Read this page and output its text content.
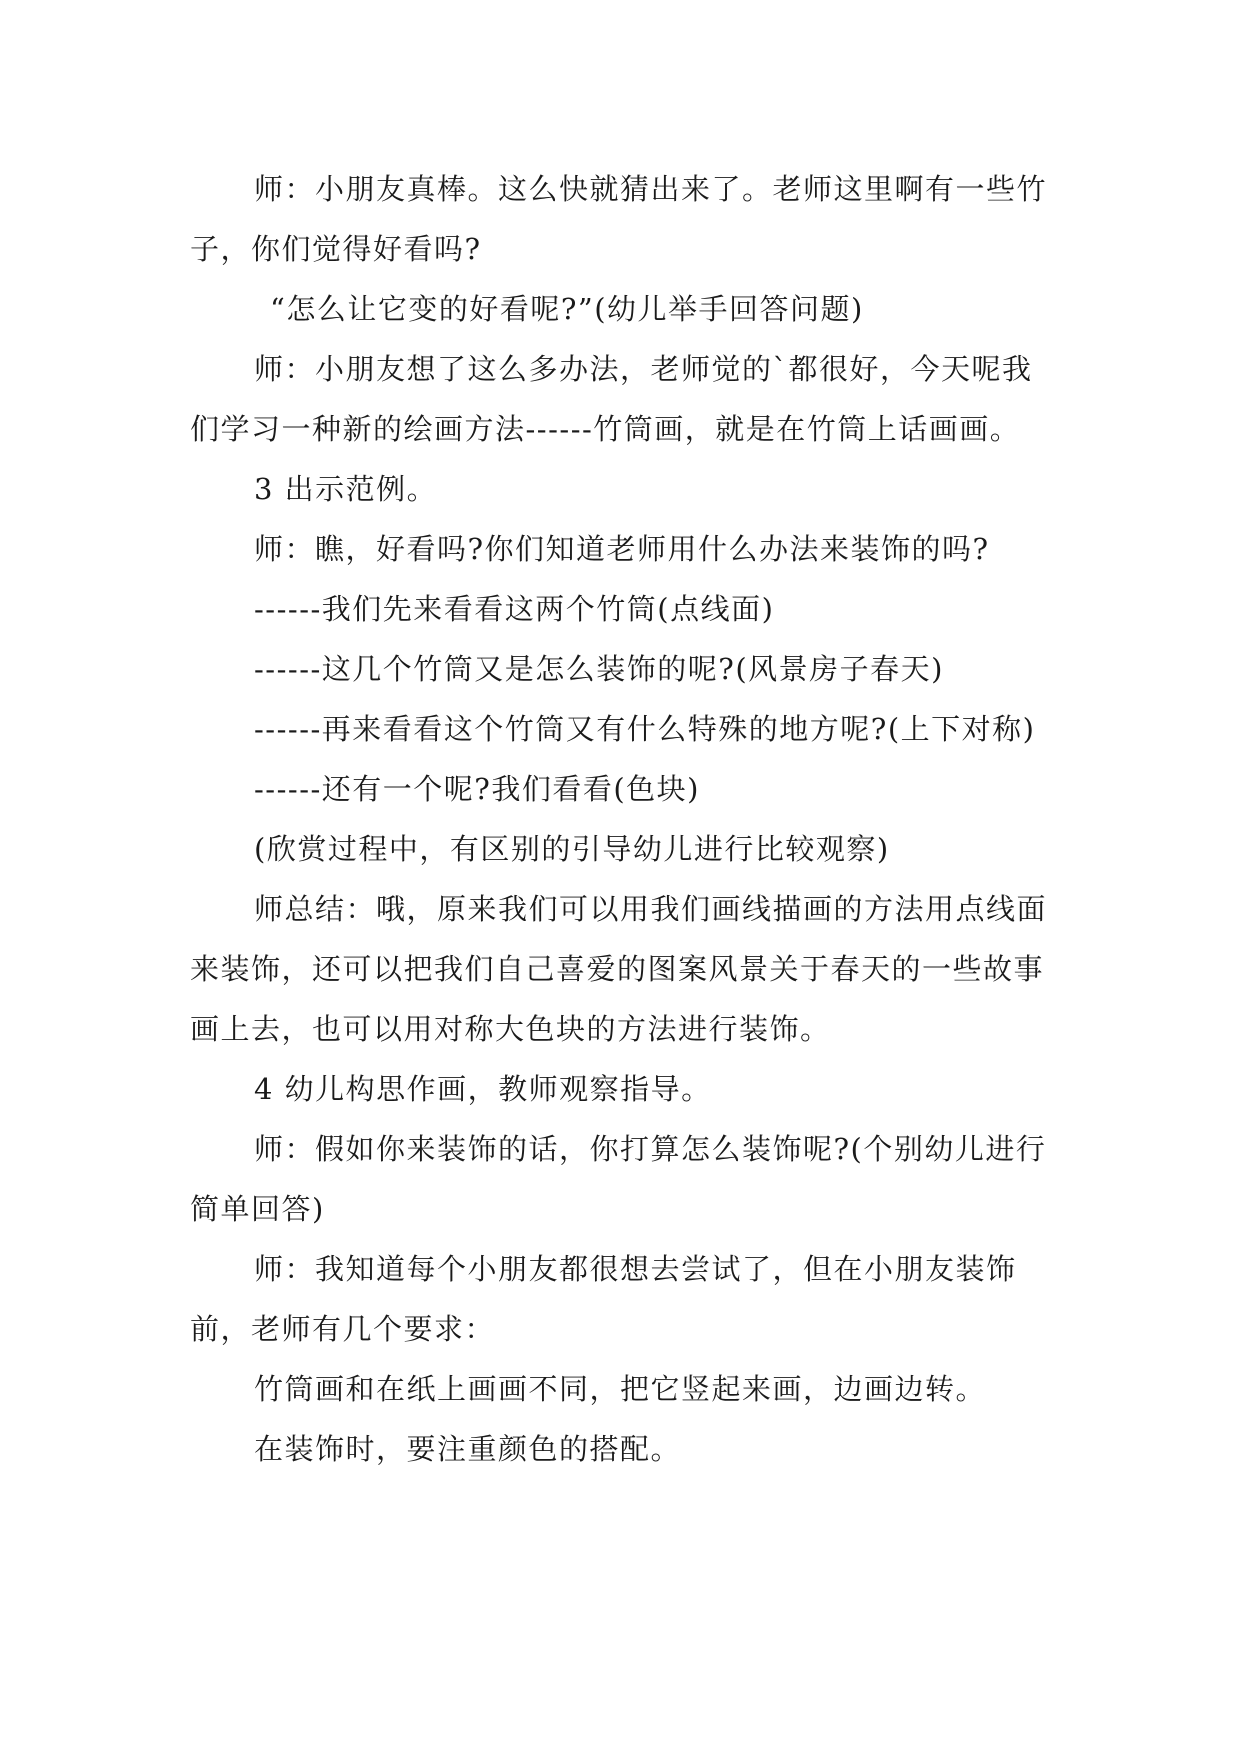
师：小朋友真棒。这么快就猜出来了。老师这里啊有一些竹子，你们觉得好看吗?

“怎么让它变的好看呢?”(幼儿举手回答问题)

师：小朋友想了这么多办法，老师觉的`都很好，今天呢我们学习一种新的绘画方法------竹筒画，就是在竹筒上话画画。

3 出示范例。

师：瞧，好看吗?你们知道老师用什么办法来装饰的吗?

------我们先来看看这两个竹筒(点线面)

------这几个竹筒又是怎么装饰的呢?(风景房子春天)

------再来看看这个竹筒又有什么特殊的地方呢?(上下对称)

------还有一个呢?我们看看(色块)

(欣赏过程中，有区别的引导幼儿进行比较观察)

师总结：哦，原来我们可以用我们画线描画的方法用点线面来装饰，还可以把我们自己喜爱的图案风景关于春天的一些故事画上去，也可以用对称大色块的方法进行装饰。

4 幼儿构思作画，教师观察指导。

师：假如你来装饰的话，你打算怎么装饰呢?(个别幼儿进行简单回答)

师：我知道每个小朋友都很想去尝试了，但在小朋友装饰前，老师有几个要求：

竹筒画和在纸上画画不同，把它竖起来画，边画边转。

在装饰时，要注重颜色的搭配。
